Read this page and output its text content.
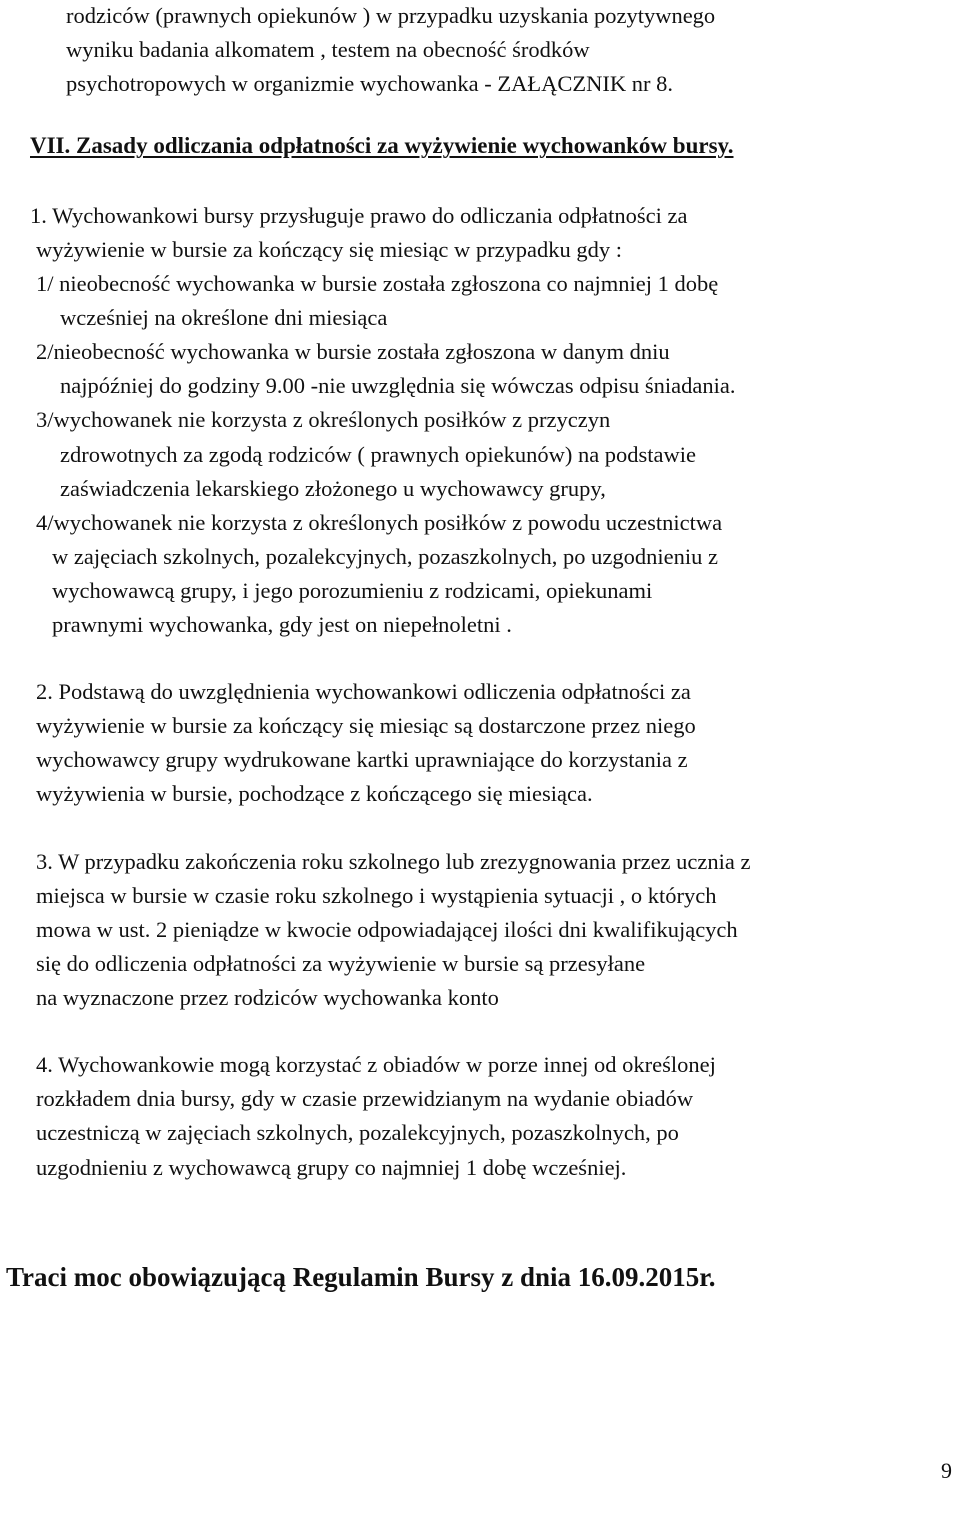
rodziców (prawnych opiekunów ) w przypadku uzyskania pozytywnego
wyniku badania alkomatem , testem na obecność środków
psychotropowych w organizmie wychowanka - ZAŁĄCZNIK nr 8.
VII. Zasady odliczania odpłatności za wyżywienie wychowanków bursy.
1. Wychowankowi bursy przysługuje prawo do odliczania odpłatności za
wyżywienie w bursie za kończący się miesiąc w przypadku gdy :
1/ nieobecność wychowanka w bursie została zgłoszona co najmniej 1 dobę
wcześniej na określone dni miesiąca
2/nieobecność wychowanka w bursie została zgłoszona w danym dniu
najpóźniej do godziny 9.00 -nie uwzględnia się wówczas odpisu śniadania.
3/wychowanek nie korzysta z określonych posiłków z przyczyn
zdrowotnych za zgodą rodziców ( prawnych opiekunów) na podstawie
zaświadczenia lekarskiego złożonego u wychowawcy grupy,
4/wychowanek nie korzysta z określonych posiłków z powodu uczestnictwa
w zajęciach szkolnych, pozalekcyjnych, pozaszkolnych, po uzgodnieniu z
wychowawcą grupy, i jego porozumieniu z rodzicami, opiekunami
prawnymi wychowanka, gdy jest on niepełnoletni .
2. Podstawą do uwzględnienia wychowankowi odliczenia odpłatności za
wyżywienie w bursie za kończący się miesiąc są dostarczone przez niego
wychowawcy grupy wydrukowane kartki uprawniające do korzystania z
wyżywienia w bursie, pochodzące z kończącego się miesiąca.
3. W przypadku zakończenia roku szkolnego lub zrezygnowania przez ucznia z
miejsca w bursie w czasie roku szkolnego i wystąpienia sytuacji , o których
mowa w ust. 2 pieniądze w kwocie odpowiadającej ilości dni kwalifikujących
się do odliczenia odpłatności za wyżywienie w bursie są przesyłane
na wyznaczone przez rodziców wychowanka konto
4. Wychowankowie mogą korzystać z obiadów w porze innej od określonej
rozkładem dnia bursy, gdy w czasie przewidzianym na wydanie obiadów
uczestniczą w zajęciach szkolnych, pozalekcyjnych, pozaszkolnych, po
uzgodnieniu z wychowawcą grupy co najmniej 1 dobę wcześniej.
Traci moc obowiązującą Regulamin Bursy z dnia 16.09.2015r.
9
